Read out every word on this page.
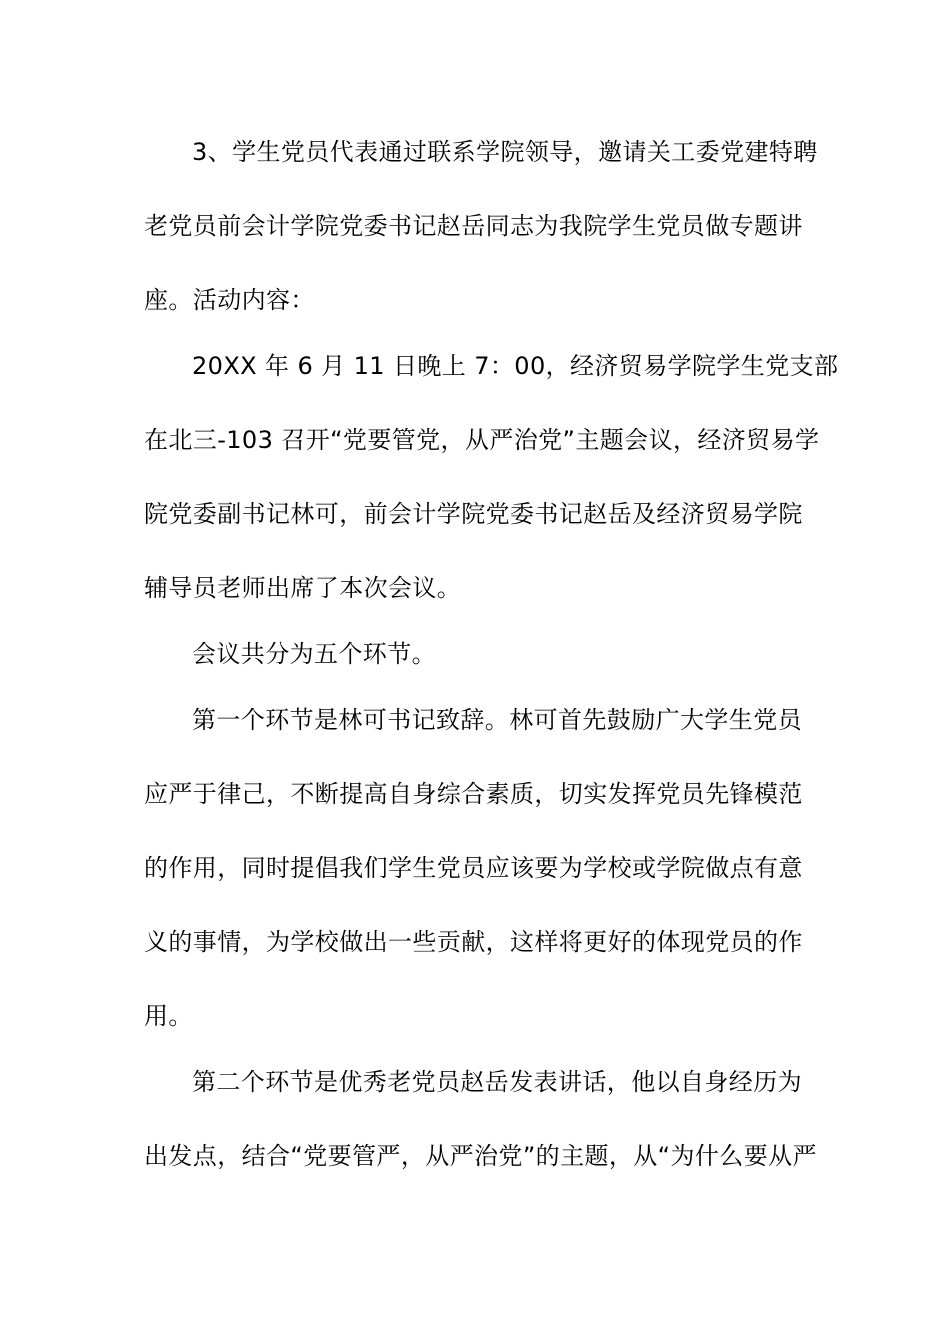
3、学生党员代表通过联系学院领导，邀请关工委党建特聘
老党员前会计学院党委书记赵岳同志为我院学生党员做专题讲
座。活动内容：
20XX 年 6 月 11 日晚上 7：00，经济贸易学院学生党支部
在北三-103 召开“党要管党，从严治党”主题会议，经济贸易学
院党委副书记林可，前会计学院党委书记赵岳及经济贸易学院
辅导员老师出席了本次会议。
会议共分为五个环节。
第一个环节是林可书记致辞。林可首先鼓励广大学生党员
应严于律己，不断提高自身综合素质，切实发挥党员先锋模范
的作用，同时提倡我们学生党员应该要为学校或学院做点有意
义的事情，为学校做出一些贡献，这样将更好的体现党员的作
用。
第二个环节是优秀老党员赵岳发表讲话，他以自身经历为
出发点，结合“党要管严，从严治党”的主题，从“为什么要从严
